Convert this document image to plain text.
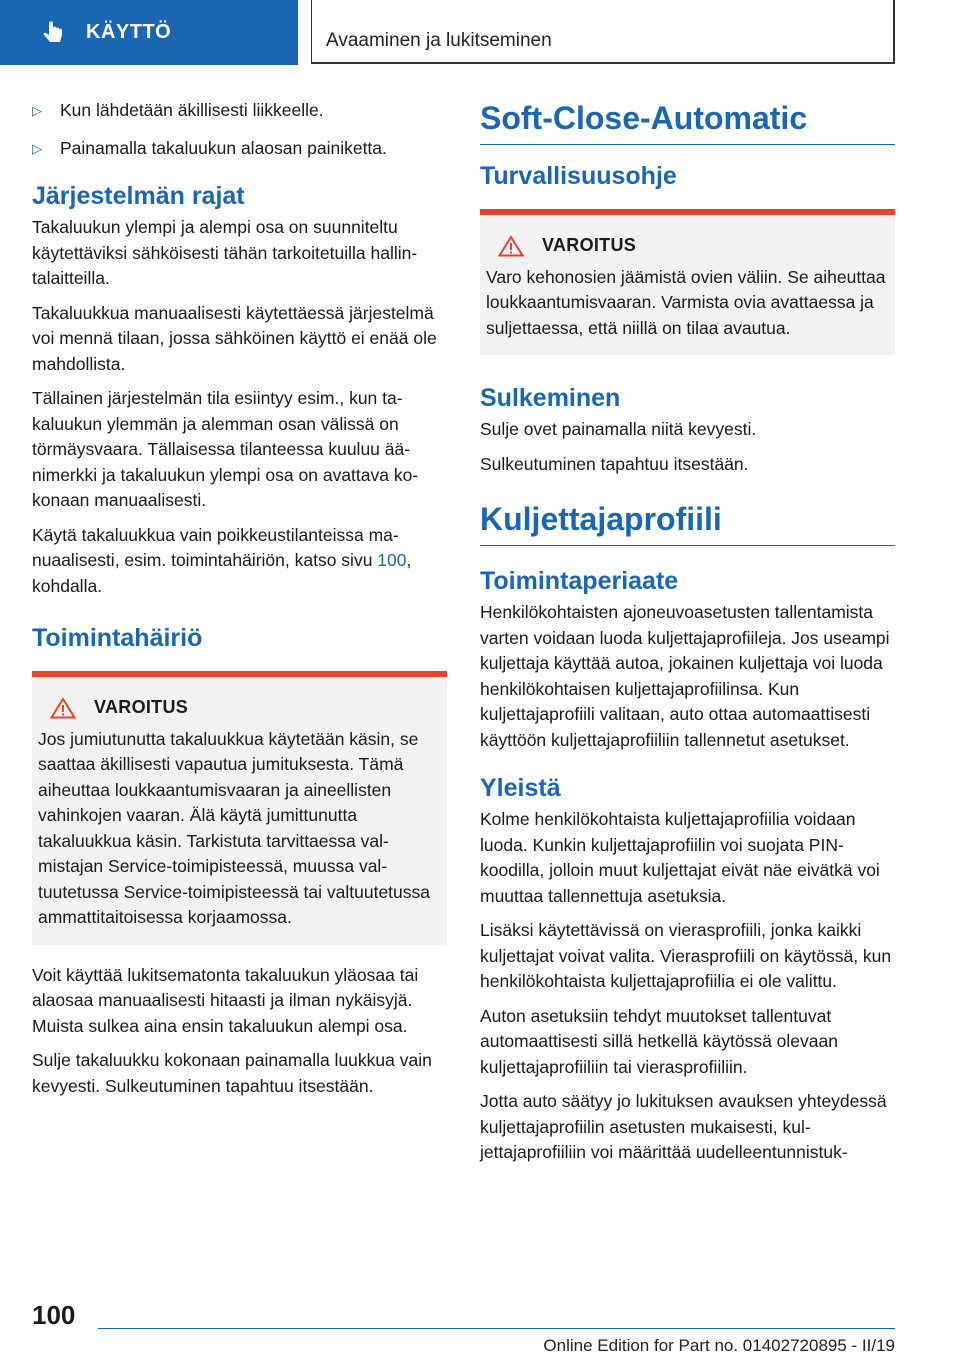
KÄYTTÖ	Avaaminen ja lukitseminen
▷	Kun lähdetään äkillisesti liikkeelle.
▷	Painamalla takaluukun alaosan painiketta.
Järjestelmän rajat

Takaluukun ylempi ja alempi osa on suunniteltu käytettäviksi sähköisesti tähän tarkoitetuilla hallintalaitteilla.

Takaluukkua manuaalisesti käytettäessä järjestelmä voi mennä tilaan, jossa sähköinen käyttö ei enää ole mahdollista.

Tällainen järjestelmän tila esiintyy esim., kun takaluukun ylemmän ja alemman osan välissä on törmäysvaara. Tällaisessa tilanteessa kuuluu äänimerkki ja takaluukun ylempi osa on avattava kokonaan manuaalisesti.

Käytä takaluukkua vain poikkeustilanteissa manuaalisesti, esim. toimintahäiriön, katso sivu 100, kohdalla.

Toimintahäiriö
VAROITUS
Jos jumiutunutta takaluukkua käytetään käsin, se saattaa äkillisesti vapautua jumituksesta. Tämä aiheuttaa loukkaantumisvaaran ja aineellisten vahinkojen vaaran. Älä käytä jumittunutta takaluukkua käsin. Tarkistuta tarvittaessa valmistajan Service-toimipisteessä, muussa valtuutetussa Service-toimipisteessä tai valtuutetussa ammattitaitoisessa korjaamossa.

Voit käyttää lukitsematonta takaluukun yläosaa tai alaosaa manuaalisesti hitaasti ja ilman nykäisyjä. Muista sulkea aina ensin takaluukun alempi osa.

Sulje takaluukku kokonaan painamalla luukkua vain kevyesti. Sulkeutuminen tapahtuu itsestään.

Soft-Close-Automatic
Turvallisuusohje
VAROITUS
Varo kehonosien jäämistä ovien väliin. Se aiheuttaa loukkaantumisvaaran. Varmista ovia avattaessa ja suljettaessa, että niillä on tilaa avautua.
Sulkeminen

Sulje ovet painamalla niitä kevyesti.

Sulkeutuminen tapahtuu itsestään.

Kuljettajaprofiili
Toimintaperiaate

Henkilökohtaisten ajoneuvoasetusten tallentamista varten voidaan luoda kuljettajaprofiileja. Jos useampi kuljettaja käyttää autoa, jokainen kuljettaja voi luoda henkilökohtaisen kuljettajaprofiilinsa. Kun kuljettajaprofiili valitaan, auto ottaa automaattisesti käyttöön kuljettajaprofiiliin tallennetut asetukset.

Yleistä

Kolme henkilökohtaista kuljettajaprofiilia voidaan luoda. Kunkin kuljettajaprofiilin voi suojata PIN-koodilla, jolloin muut kuljettajat eivät näe eivätkä voi muuttaa tallennettuja asetuksia.

Lisäksi käytettävissä on vierasprofiili, jonka kaikki kuljettajat voivat valita. Vierasprofiili on käytössä, kun henkilökohtaista kuljettajaprofiilia ei ole valittu.

Auton asetuksiin tehdyt muutokset tallentuvat automaattisesti sillä hetkellä käytössä olevaan kuljettajaprofiiliin tai vierasprofiiliin.

Jotta auto säätyy jo lukituksen avauksen yhteydessä kuljettajaprofiilin asetusten mukaisesti, kuljettajaprofiiliin voi määrittää uudelleentunnistuk-

100
Online Edition for Part no. 01402720895 - II/19
